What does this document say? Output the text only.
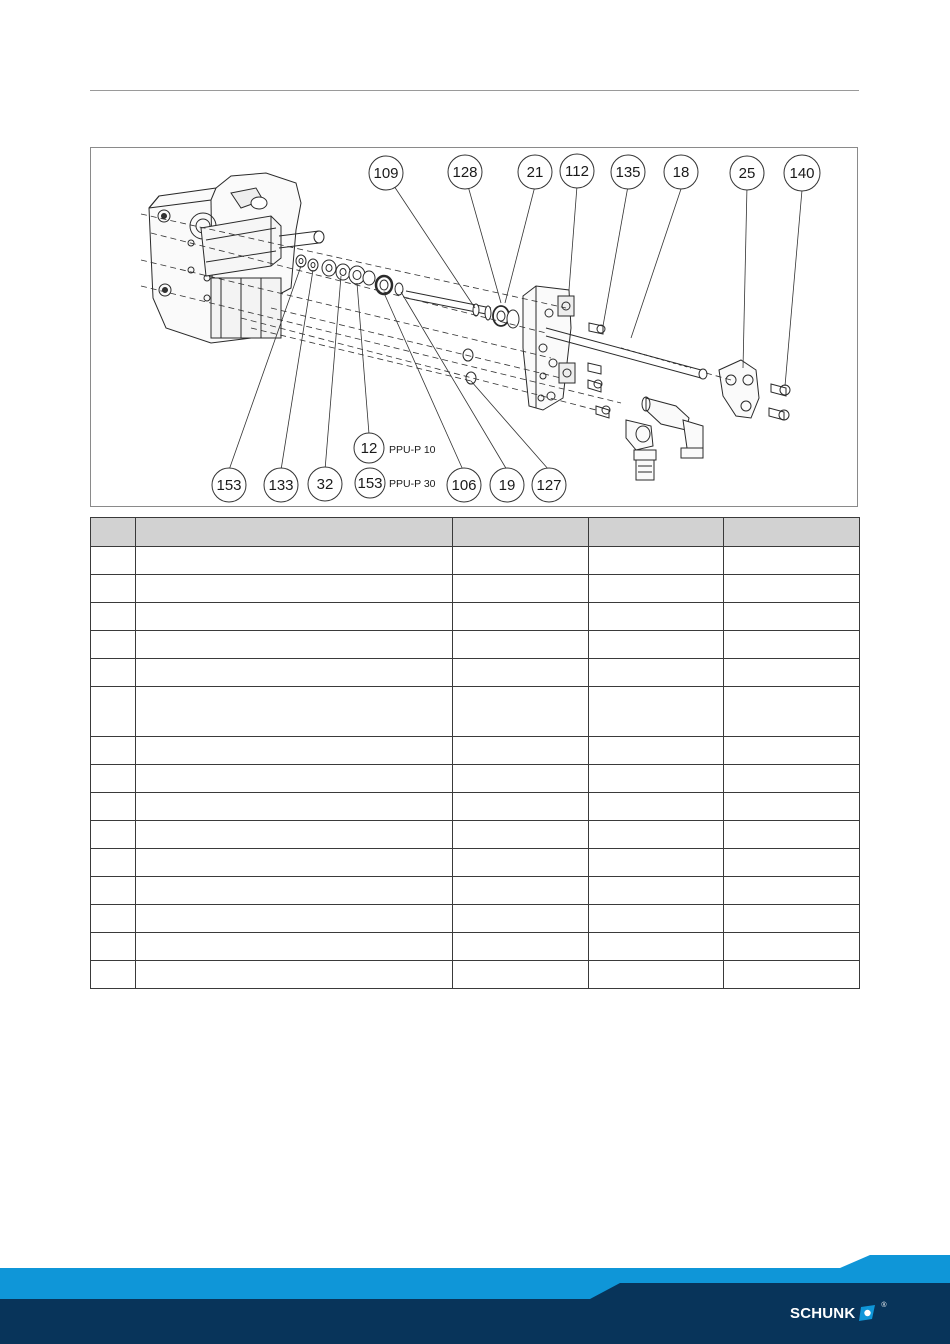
109	128	21 112 135 18	25 140
153 133 32
12 PPU-P 10
153 PPU-P 30 106 19 127

SCHUNK	®
